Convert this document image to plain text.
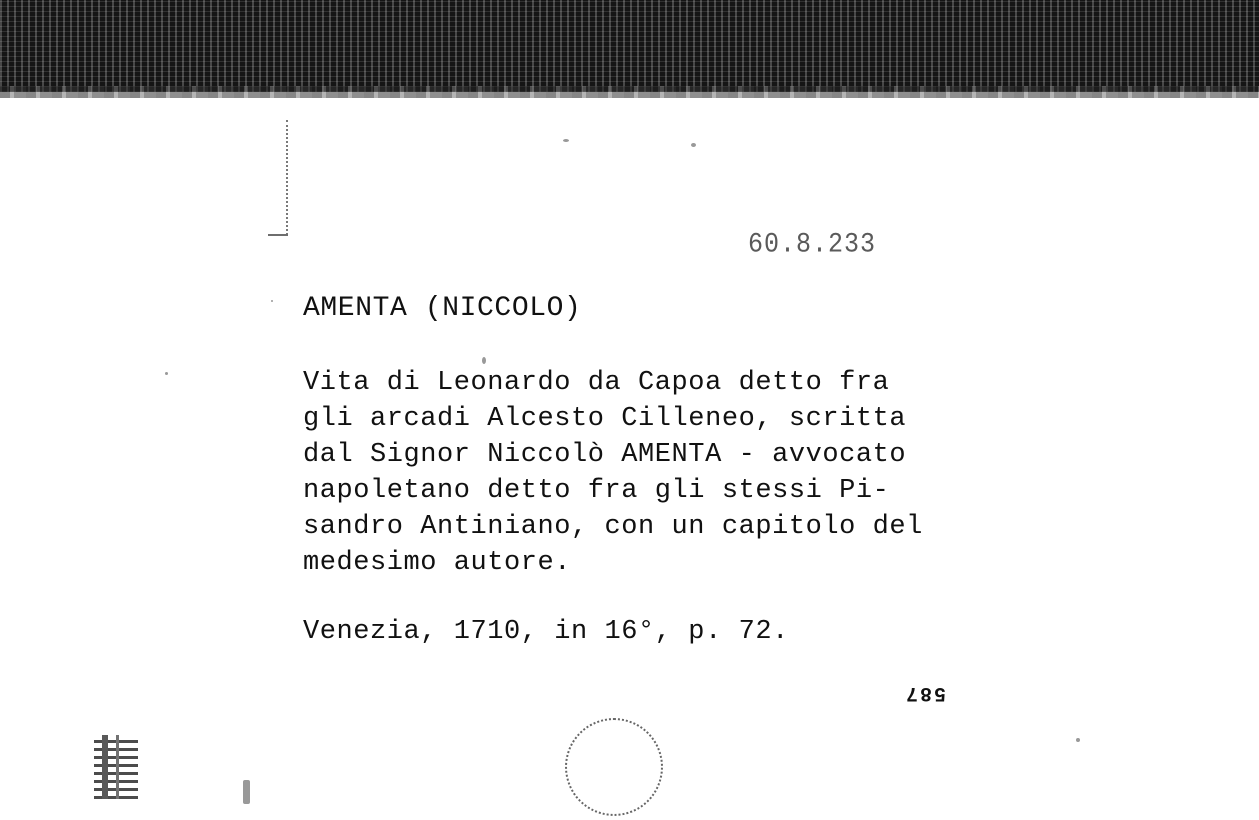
60.8.233
AMENTA (NICCOLO)

Vita di Leonardo da Capoa detto fra
gli arcadi Alcesto Cilleneo, scritta
dal Signor Niccolò AMENTA - avvocato
napoletano detto fra gli stessi Pi-
sandro Antiniano, con un capitolo del
medesimo autore.

Venezia, 1710, in 16°, p. 72.
587
